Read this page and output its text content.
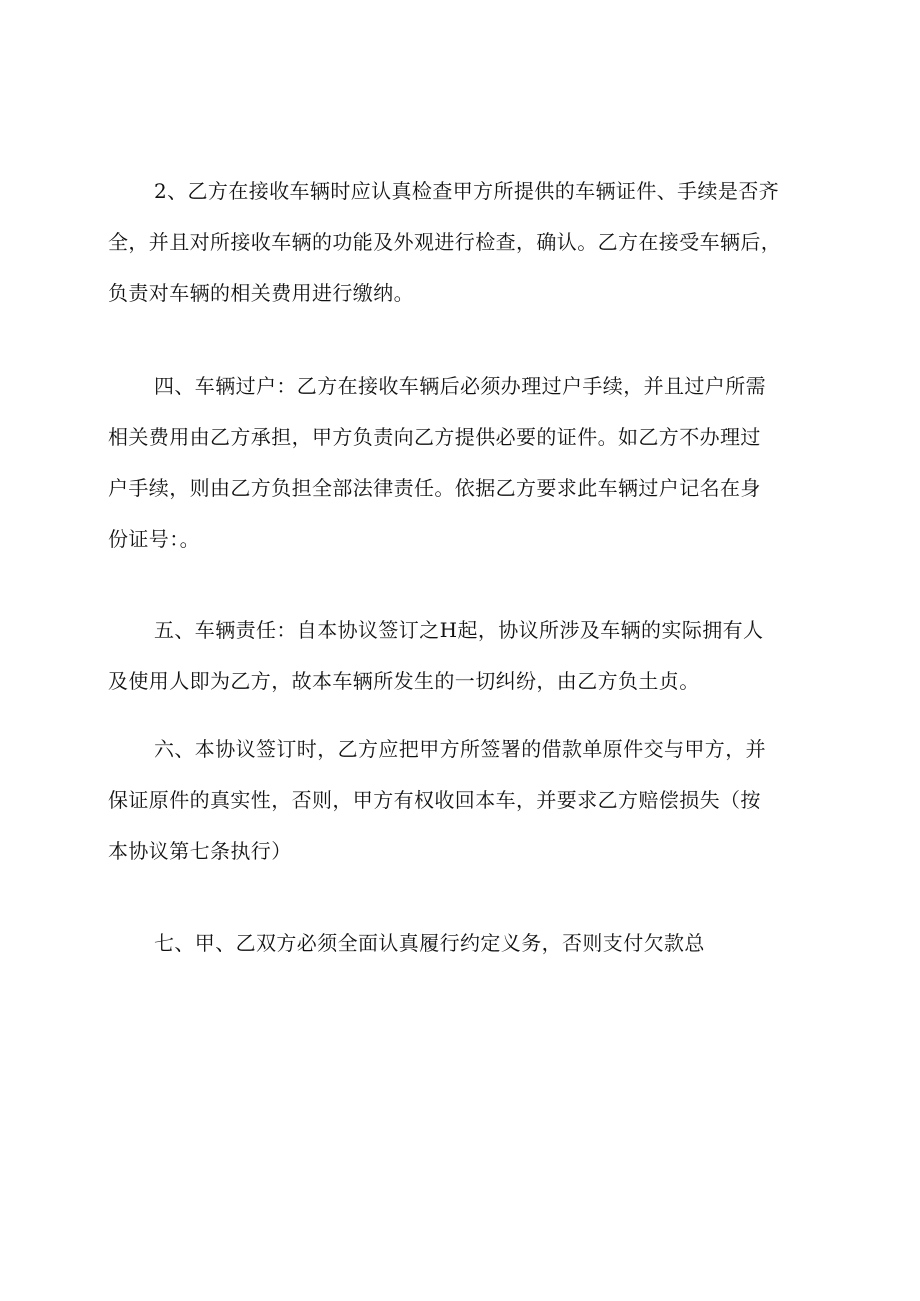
2、乙方在接收车辆时应认真检查甲方所提供的车辆证件、手续是否齐
全，并且对所接收车辆的功能及外观进行检查，确认。乙方在接受车辆后，
负责对车辆的相关费用进行缴纳。

四、车辆过户：乙方在接收车辆后必须办理过户手续，并且过户所需
相关费用由乙方承担，甲方负责向乙方提供必要的证件。如乙方不办理过
户手续，则由乙方负担全部法律责任。依据乙方要求此车辆过户记名在身
份证号：。

五、车辆责任：自本协议签订之H起，协议所涉及车辆的实际拥有人
及使用人即为乙方，故本车辆所发生的一切纠纷，由乙方负土贞。

六、本协议签订时，乙方应把甲方所签署的借款单原件交与甲方，并
保证原件的真实性，否则，甲方有权收回本车，并要求乙方赔偿损失（按
本协议第七条执行）

七、甲、乙双方必须全面认真履行约定义务，否则支付欠款总
